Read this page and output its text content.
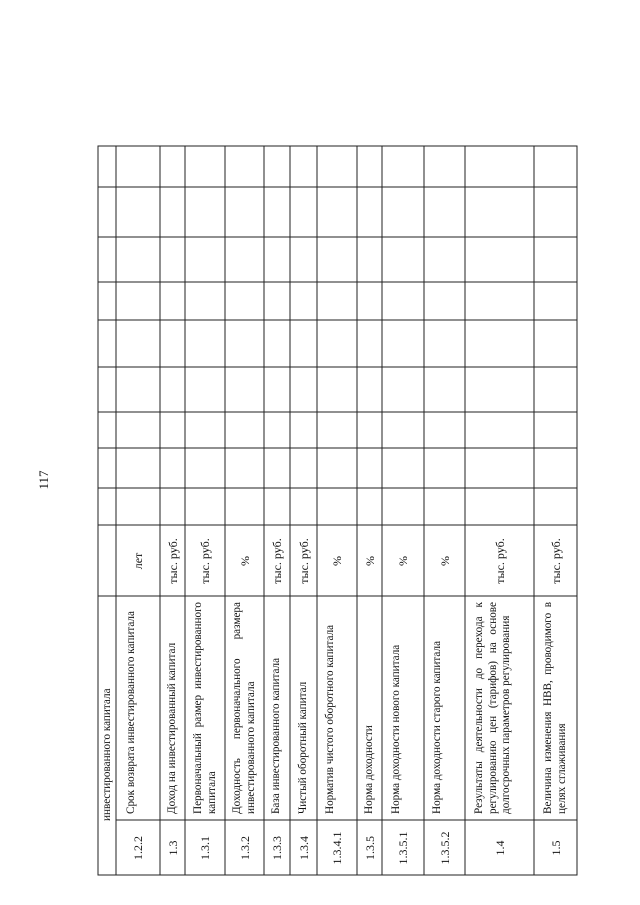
117
инвестированного капитала
1.2.2
Срок возврата инвестированного капитала
лет
1.3
Доход на инвестированный капитал
тыс. руб.
1.3.1
Первоначальный размер инвестированного капитала
тыс. руб.
1.3.2
Доходность первоначального размера инвестированного капитала
%
1.3.3
База инвестированного капитала
тыс. руб.
1.3.4
Чистый оборотный капитал
тыс. руб.
1.3.4.1
Норматив чистого оборотного капитала
%
1.3.5
Норма доходности
%
1.3.5.1
Норма доходности нового капитала
%
1.3.5.2
Норма доходности старого капитала
%
1.4
Результаты деятельности до перехода к регулированию цен (тарифов) на основе долгосрочных параметров регулирования
тыс. руб.
1.5
Величина изменения НВВ, проводимого в целях сглаживания
тыс. руб.
